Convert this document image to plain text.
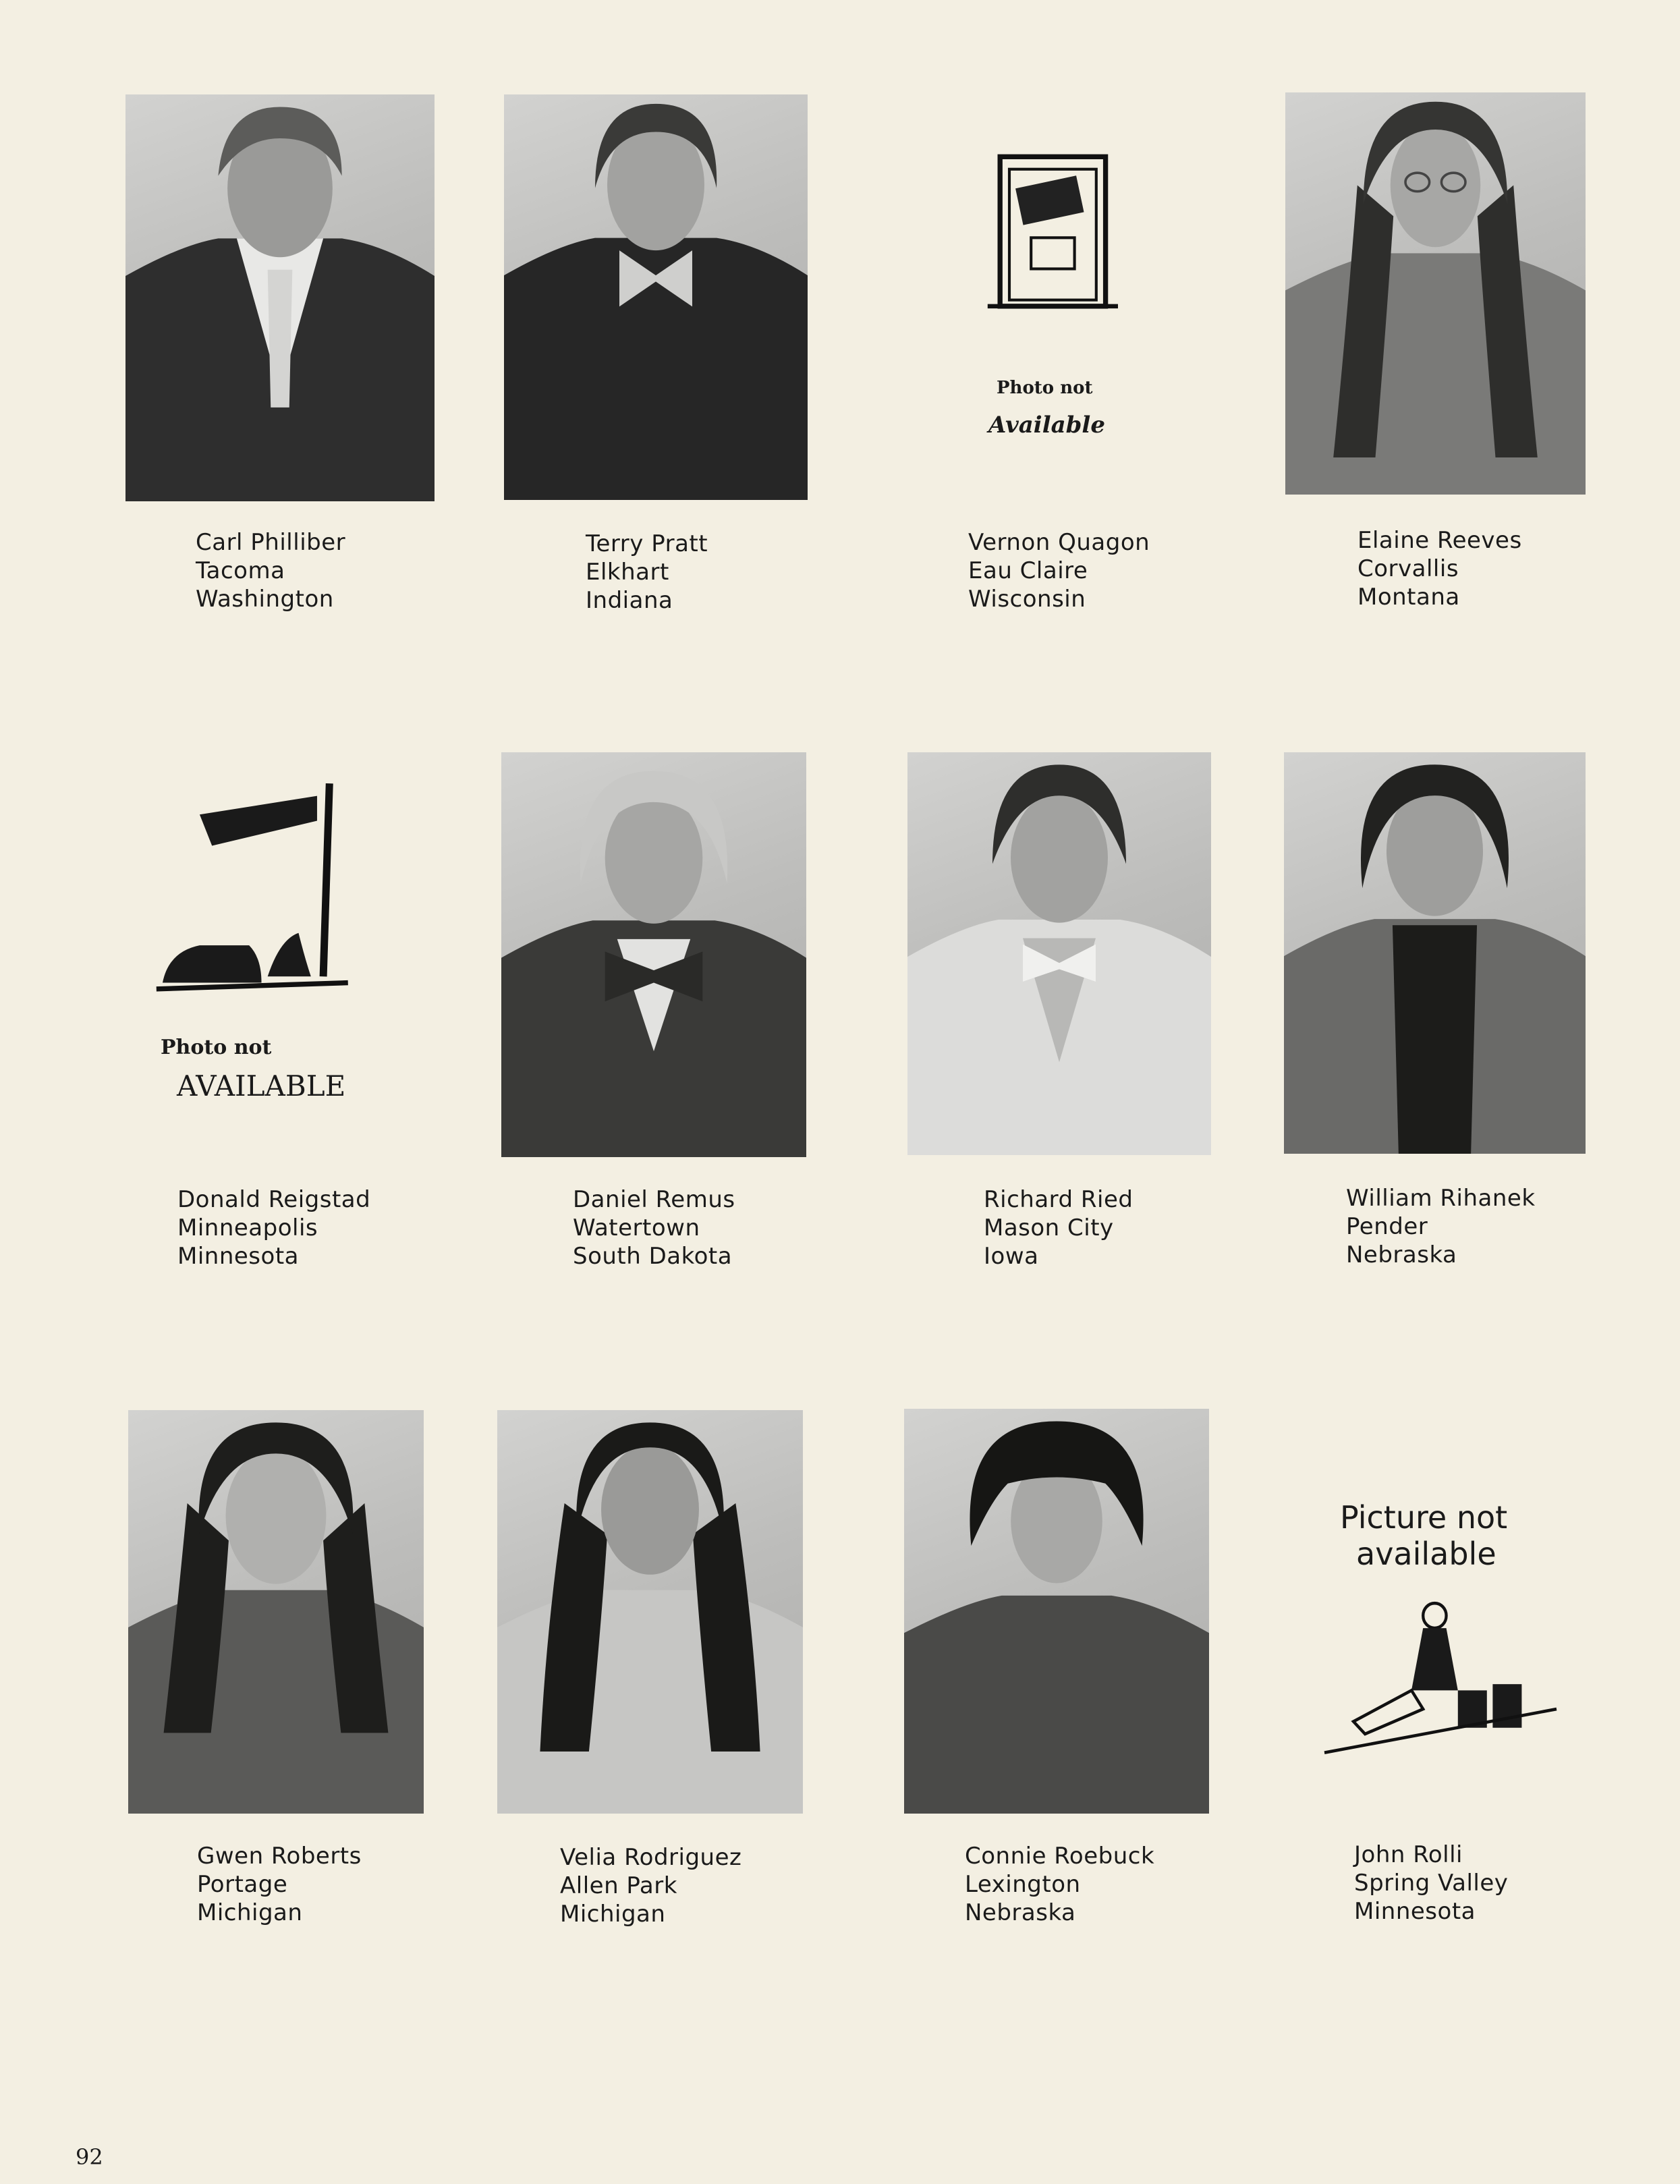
Photo not
Available
Carl Philliber
Tacoma
Washington
Terry Pratt
Elkhart
Indiana
Vernon Quagon
Eau Claire
Wisconsin
Elaine Reeves
Corvallis
Montana
Photo not
AVAILABLE
Donald Reigstad
Minneapolis
Minnesota
Daniel Remus
Watertown
South Dakota
Richard Ried
Mason City
Iowa
William Rihanek
Pender
Nebraska
Picture not
available
Gwen Roberts
Portage
Michigan
Velia Rodriguez
Allen Park
Michigan
Connie Roebuck
Lexington
Nebraska
John Rolli
Spring Valley
Minnesota
92
